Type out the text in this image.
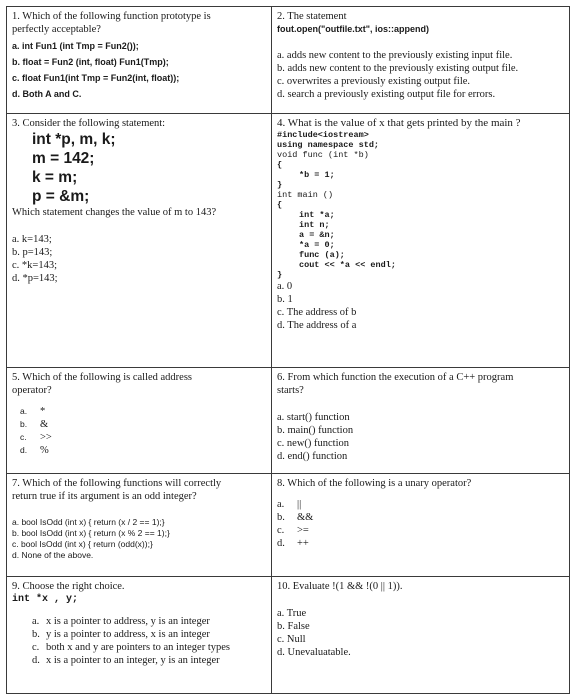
1. Which of the following function prototype is
perfectly acceptable?
a. int Fun1 (int Tmp = Fun2());
b. float = Fun2 (int, float) Fun1(Tmp);
c. float Fun1(int Tmp = Fun2(int, float));
d. Both A and C.
2. The statement
fout.open("outfile.txt", ios::append)
a. adds new content to the previously existing input file.
b. adds new content to the previously existing output file.
c. overwrites a previously existing output file.
d. search a previously existing output file for errors.
3. Consider the following statement:
int *p, m, k;
m = 142;
k = m;
p = &m;
Which statement changes the value of m to 143?
a. k=143;
b. p=143;
c. *k=143;
d. *p=143;
4. What is the value of x that gets printed by the main ?
#include<iostream>
using namespace std;
void func (int *b)
{
*b = 1;
}
int main ()
{
int *a;
int n;
a = &n;
*a = 0;
func (a);
cout << *a << endl;
}
a. 0
b. 1
c. The address of b
d. The address of a
5. Which of the following is called address
operator?
a. *
b. &
c. >>
d. %
6. From which function the execution of a C++ program
starts?
a. start() function
b. main() function
c. new() function
d. end() function
7. Which of the following functions will correctly
return true if its argument is an odd integer?
a. bool IsOdd (int x) { return (x / 2 == 1);}
b. bool IsOdd (int x) { return (x % 2 == 1);}
c. bool IsOdd (int x) { return (odd(x));}
d. None of the above.
8. Which of the following is a unary operator?
a. ||
b. &&
c. >=
d. ++
9. Choose the right choice.
int *x , y;
a. x is a pointer to address, y is an integer
b. y is a pointer to address, x is an integer
c. both x and y are pointers to an integer types
d. x is a pointer to an integer, y is an integer
10. Evaluate !(1 && !(0 || 1)).
a. True
b. False
c. Null
d. Unevaluatable.
